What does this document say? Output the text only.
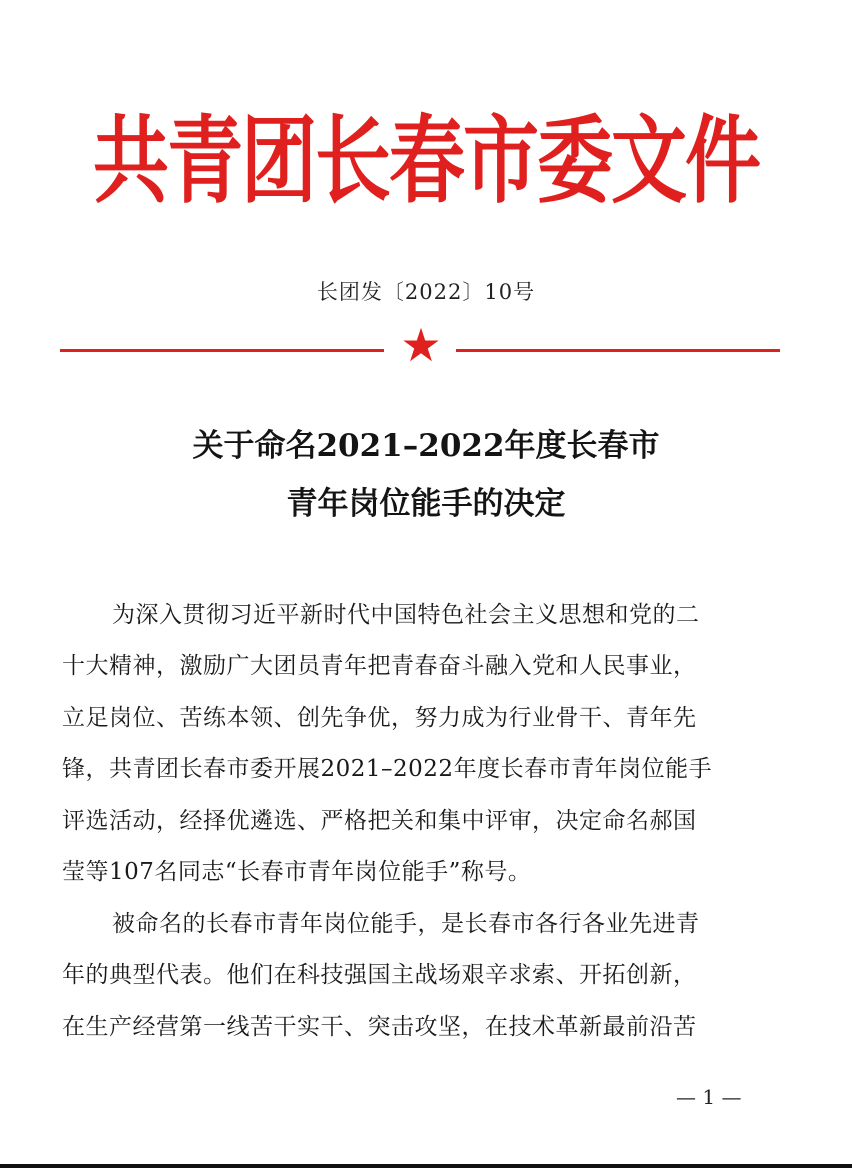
共青团长春市委文件
长团发〔2022〕10号
★
关于命名2021–2022年度长春市
青年岗位能手的决定
为深入贯彻习近平新时代中国特色社会主义思想和党的二
十大精神，激励广大团员青年把青春奋斗融入党和人民事业，
立足岗位、苦练本领、创先争优，努力成为行业骨干、青年先
锋，共青团长春市委开展2021–2022年度长春市青年岗位能手
评选活动，经择优遴选、严格把关和集中评审，决定命名郝国
莹等107名同志“长春市青年岗位能手”称号。
被命名的长春市青年岗位能手，是长春市各行各业先进青
年的典型代表。他们在科技强国主战场艰辛求索、开拓创新，
在生产经营第一线苦干实干、突击攻坚，在技术革新最前沿苦
— 1 —
